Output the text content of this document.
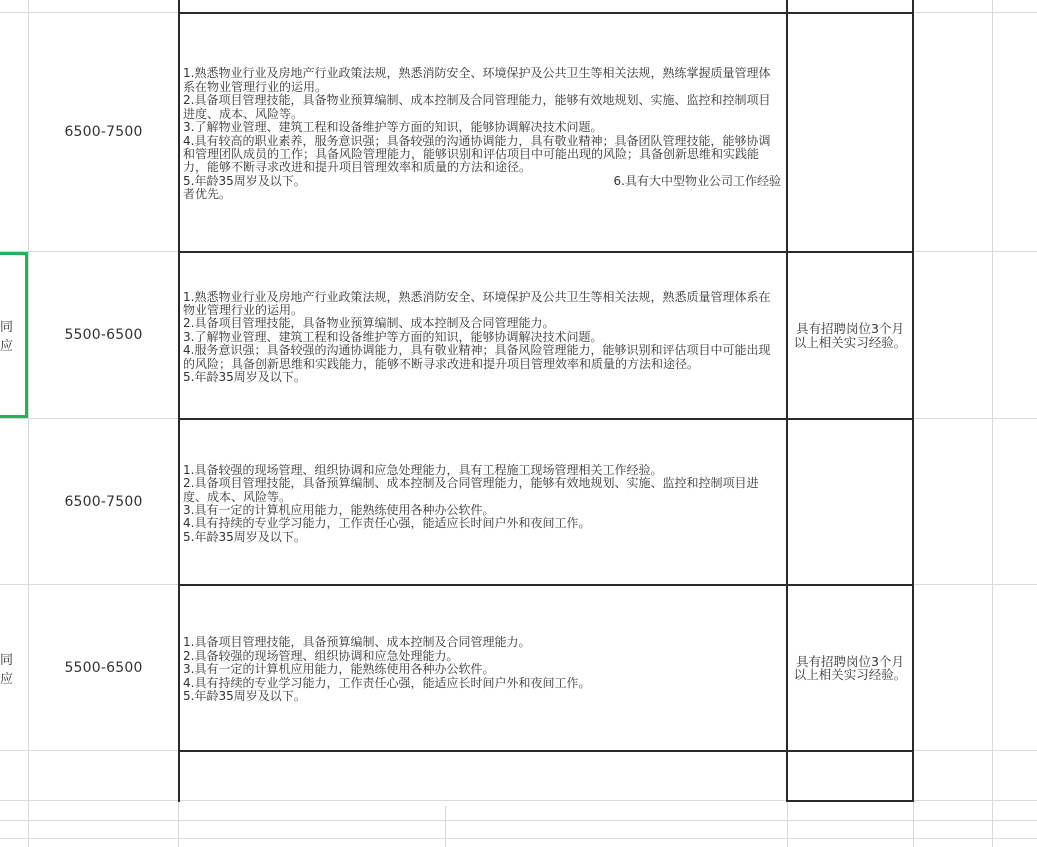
6500-7500
1.熟悉物业行业及房地产行业政策法规，熟悉消防安全、环境保护及公共卫生等相关法规，熟练掌握质量管理体系在物业管理行业的运用。
2.具备项目管理技能，具备物业预算编制、成本控制及合同管理能力，能够有效地规划、实施、监控和控制项目进度、成本、风险等。
3.了解物业管理、建筑工程和设备维护等方面的知识，能够协调解决技术问题。
4.具有较高的职业素养，服务意识强；具备较强的沟通协调能力，具有敬业精神；具备团队管理技能，能够协调和管理团队成员的工作；具备风险管理能力，能够识别和评估项目中可能出现的风险；具备创新思维和实践能力，能够不断寻求改进和提升项目管理效率和质量的方法和途径。
5.年龄35周岁及以下。	6.具有大中型物业公司工作经验
者优先。
同应
5500-6500
1.熟悉物业行业及房地产行业政策法规，熟悉消防安全、环境保护及公共卫生等相关法规，熟悉质量管理体系在物业管理行业的运用。
2.具备项目管理技能，具备物业预算编制、成本控制及合同管理能力。
3.了解物业管理、建筑工程和设备维护等方面的知识，能够协调解决技术问题。
4.服务意识强；具备较强的沟通协调能力，具有敬业精神；具备风险管理能力，能够识别和评估项目中可能出现的风险；具备创新思维和实践能力，能够不断寻求改进和提升项目管理效率和质量的方法和途径。
5.年龄35周岁及以下。
具有招聘岗位3个月以上相关实习经验。
6500-7500
1.具备较强的现场管理、组织协调和应急处理能力，具有工程施工现场管理相关工作经验。
2.具备项目管理技能，具备预算编制、成本控制及合同管理能力，能够有效地规划、实施、监控和控制项目进度、成本、风险等。
3.具有一定的计算机应用能力，能熟练使用各种办公软件。
4.具有持续的专业学习能力，工作责任心强，能适应长时间户外和夜间工作。
5.年龄35周岁及以下。
同应
5500-6500
1.具备项目管理技能，具备预算编制、成本控制及合同管理能力。
2.具备较强的现场管理、组织协调和应急处理能力。
3.具有一定的计算机应用能力，能熟练使用各种办公软件。
4.具有持续的专业学习能力，工作责任心强，能适应长时间户外和夜间工作。
5.年龄35周岁及以下。
具有招聘岗位3个月以上相关实习经验。
